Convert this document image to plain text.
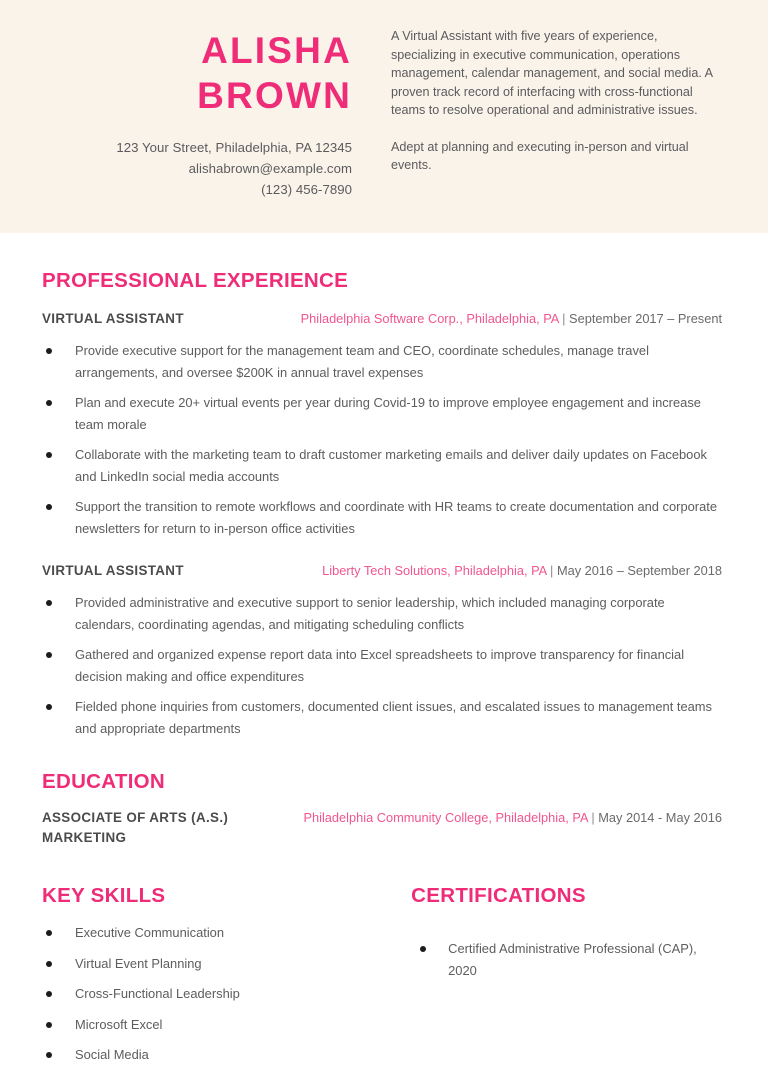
ALISHA
BROWN
123 Your Street, Philadelphia, PA 12345
alishabrown@example.com
(123) 456-7890

A Virtual Assistant with five years of experience, specializing in executive communication, operations management, calendar management, and social media. A proven track record of interfacing with cross-functional teams to resolve operational and administrative issues.

Adept at planning and executing in-person and virtual events.

PROFESSIONAL EXPERIENCE
VIRTUAL ASSISTANT	Philadelphia Software Corp., Philadelphia, PA | September 2017 – Present
Provide executive support for the management team and CEO, coordinate schedules, manage travel arrangements, and oversee $200K in annual travel expenses
Plan and execute 20+ virtual events per year during Covid-19 to improve employee engagement and increase team morale
Collaborate with the marketing team to draft customer marketing emails and deliver daily updates on Facebook and LinkedIn social media accounts
Support the transition to remote workflows and coordinate with HR teams to create documentation and corporate newsletters for return to in-person office activities
VIRTUAL ASSISTANT	Liberty Tech Solutions, Philadelphia, PA | May 2016 – September 2018
Provided administrative and executive support to senior leadership, which included managing corporate calendars, coordinating agendas, and mitigating scheduling conflicts
Gathered and organized expense report data into Excel spreadsheets to improve transparency for financial decision making and office expenditures
Fielded phone inquiries from customers, documented client issues, and escalated issues to management teams and appropriate departments
EDUCATION
ASSOCIATE OF ARTS (A.S.)
MARKETING
Philadelphia Community College, Philadelphia, PA | May 2014 - May 2016
KEY SKILLS
Executive Communication
Virtual Event Planning
Cross-Functional Leadership
Microsoft Excel
Social Media
CERTIFICATIONS
Certified Administrative Professional (CAP), 2020
